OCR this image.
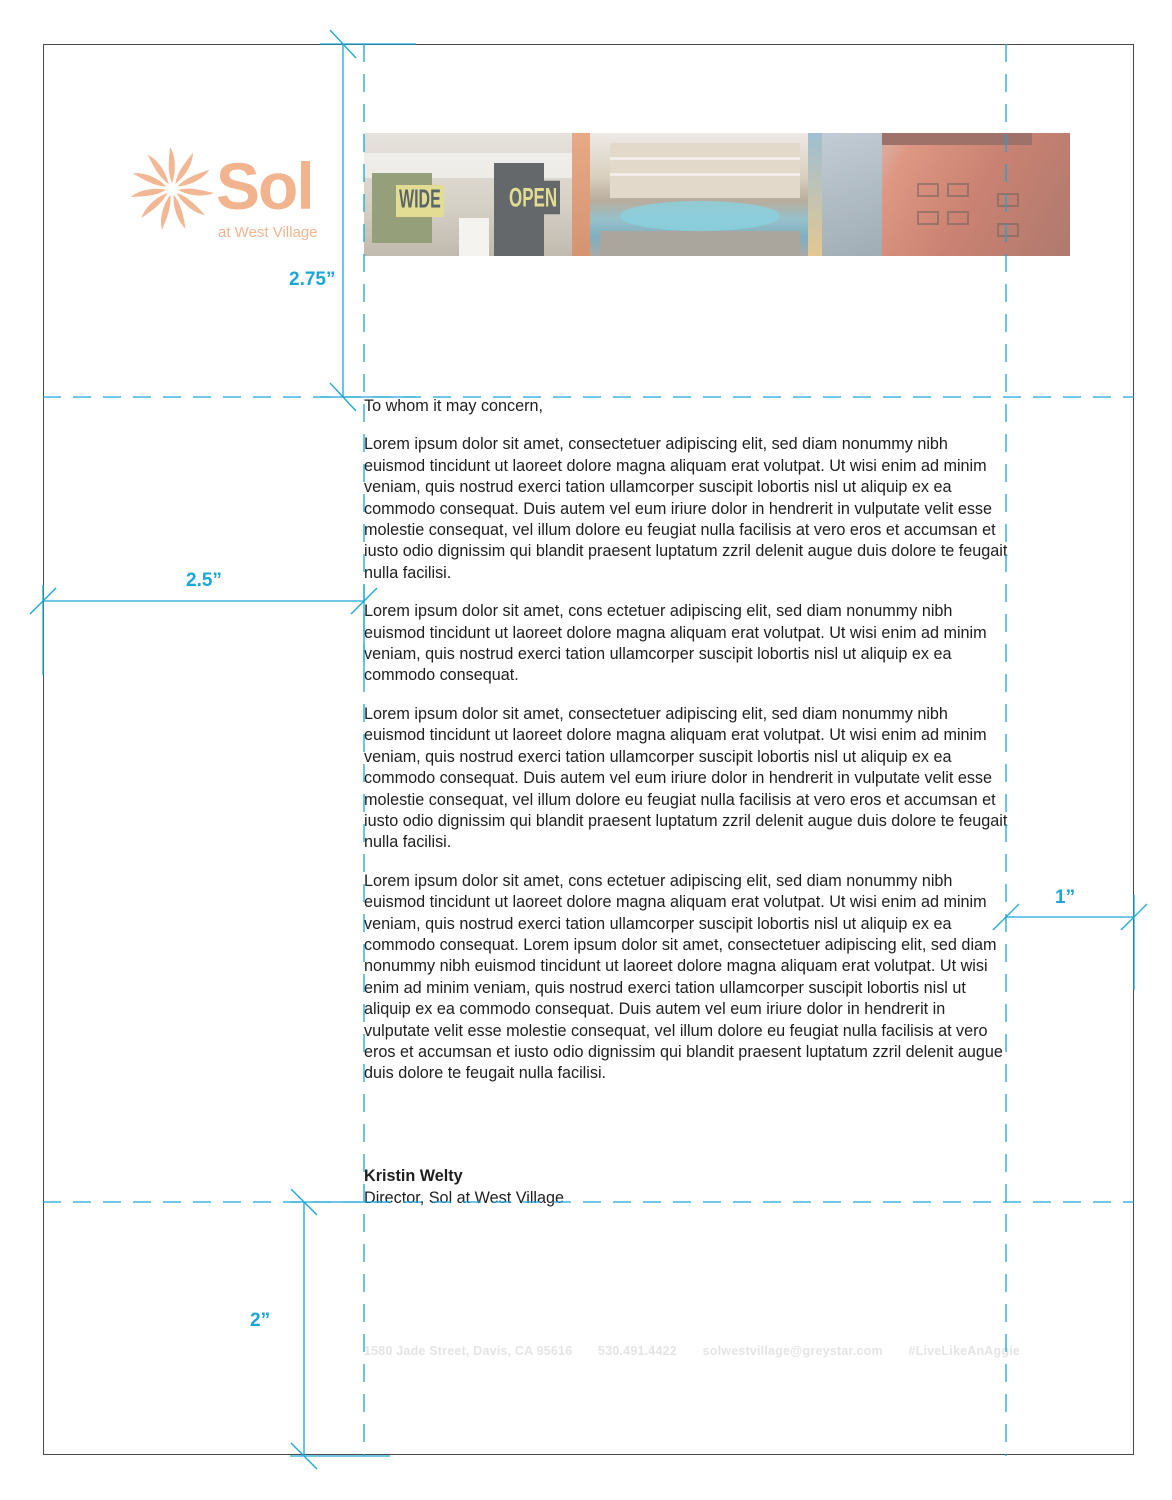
Sol
at West Village
WIDE	OPEN
To whom it may concern,

Lorem ipsum dolor sit amet, consectetuer adipiscing elit, sed diam nonummy nibh euismod tincidunt ut laoreet dolore magna aliquam erat volutpat. Ut wisi enim ad minim veniam, quis nostrud exerci tation ullamcorper suscipit lobortis nisl ut aliquip ex ea commodo consequat. Duis autem vel eum iriure dolor in hendrerit in vulputate velit esse molestie consequat, vel illum dolore eu feugiat nulla facilisis at vero eros et accumsan et iusto odio dignissim qui blandit praesent luptatum zzril delenit augue duis dolore te feugait nulla facilisi.

Lorem ipsum dolor sit amet, cons ectetuer adipiscing elit, sed diam nonummy nibh euismod tincidunt ut laoreet dolore magna aliquam erat volutpat. Ut wisi enim ad minim veniam, quis nostrud exerci tation ullamcorper suscipit lobortis nisl ut aliquip ex ea commodo consequat.

Lorem ipsum dolor sit amet, consectetuer adipiscing elit, sed diam nonummy nibh euismod tincidunt ut laoreet dolore magna aliquam erat volutpat. Ut wisi enim ad minim veniam, quis nostrud exerci tation ullamcorper suscipit lobortis nisl ut aliquip ex ea commodo consequat. Duis autem vel eum iriure dolor in hendrerit in vulputate velit esse molestie consequat, vel illum dolore eu feugiat nulla facilisis at vero eros et accumsan et iusto odio dignissim qui blandit praesent luptatum zzril delenit augue duis dolore te feugait nulla facilisi.

Lorem ipsum dolor sit amet, cons ectetuer adipiscing elit, sed diam nonummy nibh euismod tincidunt ut laoreet dolore magna aliquam erat volutpat. Ut wisi enim ad minim veniam, quis nostrud exerci tation ullamcorper suscipit lobortis nisl ut aliquip ex ea commodo consequat. Lorem ipsum dolor sit amet, consectetuer adipiscing elit, sed diam nonummy nibh euismod tincidunt ut laoreet dolore magna aliquam erat volutpat. Ut wisi enim ad minim veniam, quis nostrud exerci tation ullamcorper suscipit lobortis nisl ut aliquip ex ea commodo consequat. Duis autem vel eum iriure dolor in hendrerit in vulputate velit esse molestie consequat, vel illum dolore eu feugiat nulla facilisis at vero eros et accumsan et iusto odio dignissim qui blandit praesent luptatum zzril delenit augue duis dolore te feugait nulla facilisi.

Kristin Welty
Director, Sol at West Village
1580 Jade Street, Davis, CA 95616 530.491.4422 solwestvillage@greystar.com #LiveLikeAnAggie
2.75”
2.5”
1”
2”
